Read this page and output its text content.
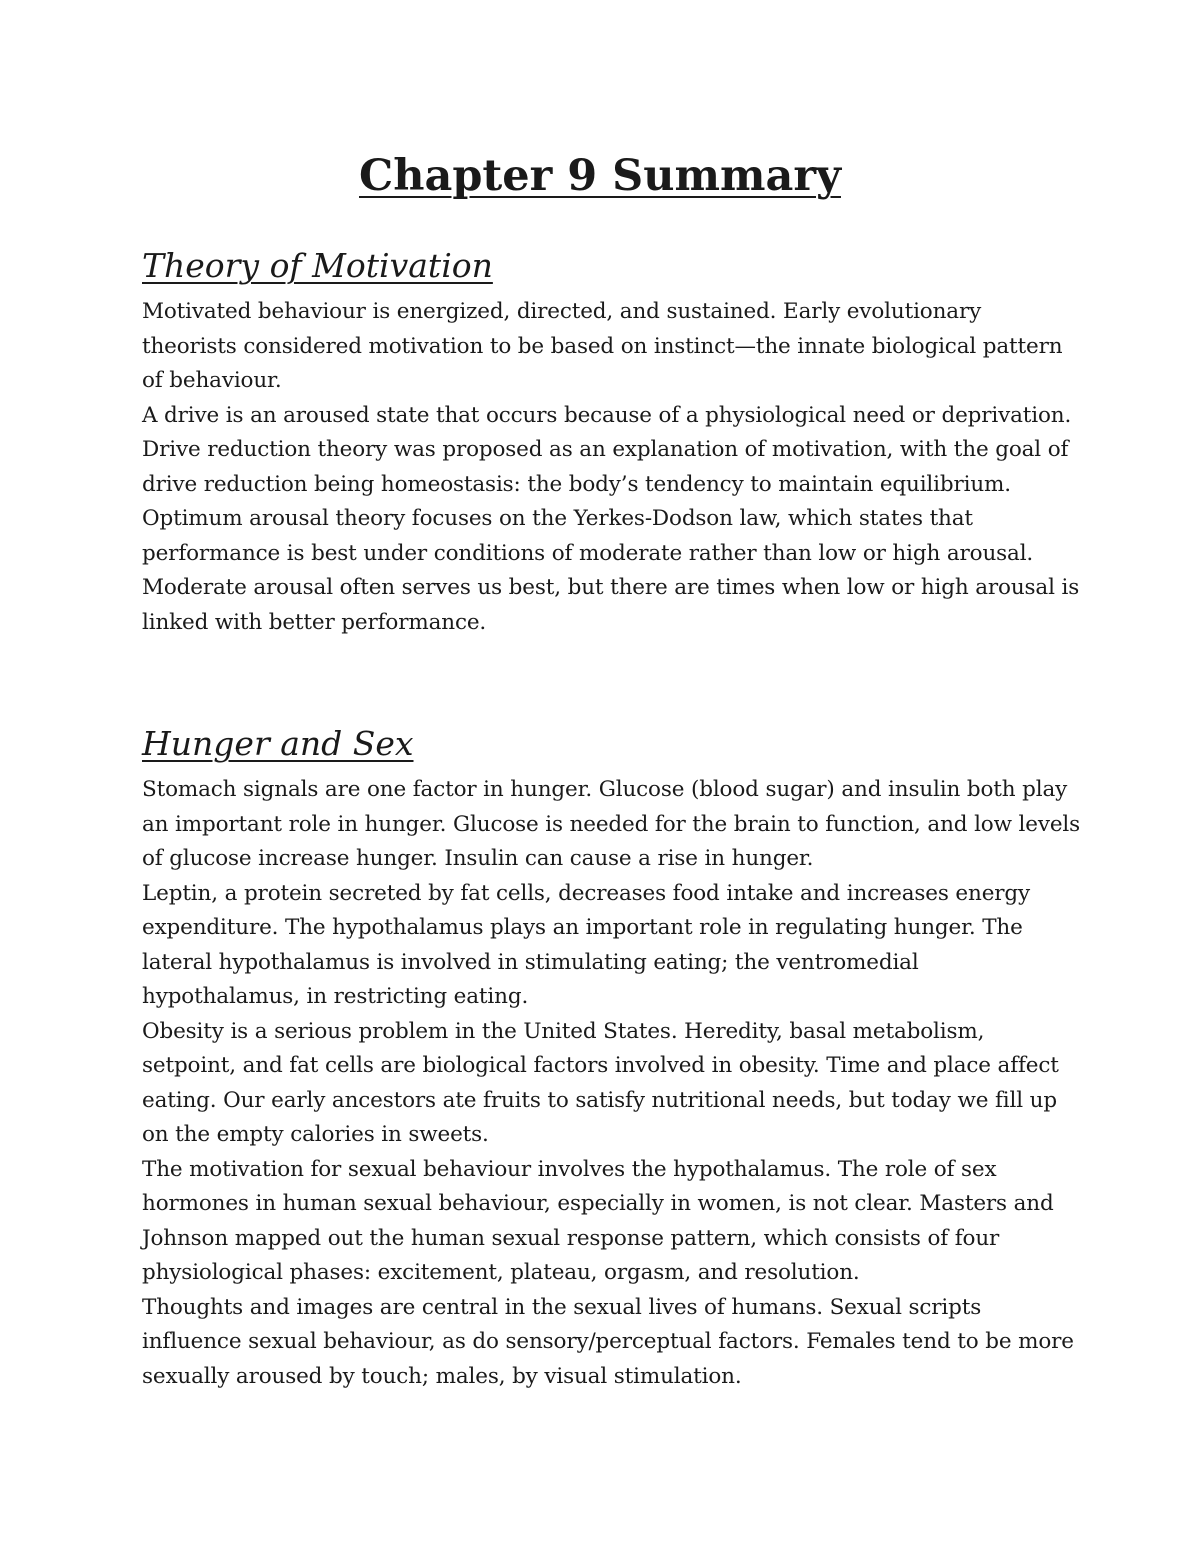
Chapter 9 Summary
Theory of Motivation

Motivated behaviour is energized, directed, and sustained. Early evolutionary theorists considered motivation to be based on instinct—the innate biological pattern of behaviour.

A drive is an aroused state that occurs because of a physiological need or deprivation. Drive reduction theory was proposed as an explanation of motivation, with the goal of drive reduction being homeostasis: the body’s tendency to maintain equilibrium.

Optimum arousal theory focuses on the Yerkes-Dodson law, which states that performance is best under conditions of moderate rather than low or high arousal. Moderate arousal often serves us best, but there are times when low or high arousal is linked with better performance.

Hunger and Sex

Stomach signals are one factor in hunger. Glucose (blood sugar) and insulin both play an important role in hunger. Glucose is needed for the brain to function, and low levels of glucose increase hunger. Insulin can cause a rise in hunger.

Leptin, a protein secreted by fat cells, decreases food intake and increases energy expenditure. The hypothalamus plays an important role in regulating hunger. The lateral hypothalamus is involved in stimulating eating; the ventromedial hypothalamus, in restricting eating.

Obesity is a serious problem in the United States. Heredity, basal metabolism, setpoint, and fat cells are biological factors involved in obesity. Time and place affect eating. Our early ancestors ate fruits to satisfy nutritional needs, but today we fill up on the empty calories in sweets.

The motivation for sexual behaviour involves the hypothalamus. The role of sex hormones in human sexual behaviour, especially in women, is not clear. Masters and Johnson mapped out the human sexual response pattern, which consists of four physiological phases: excitement, plateau, orgasm, and resolution.

Thoughts and images are central in the sexual lives of humans. Sexual scripts influence sexual behaviour, as do sensory/perceptual factors. Females tend to be more sexually aroused by touch; males, by visual stimulation.
